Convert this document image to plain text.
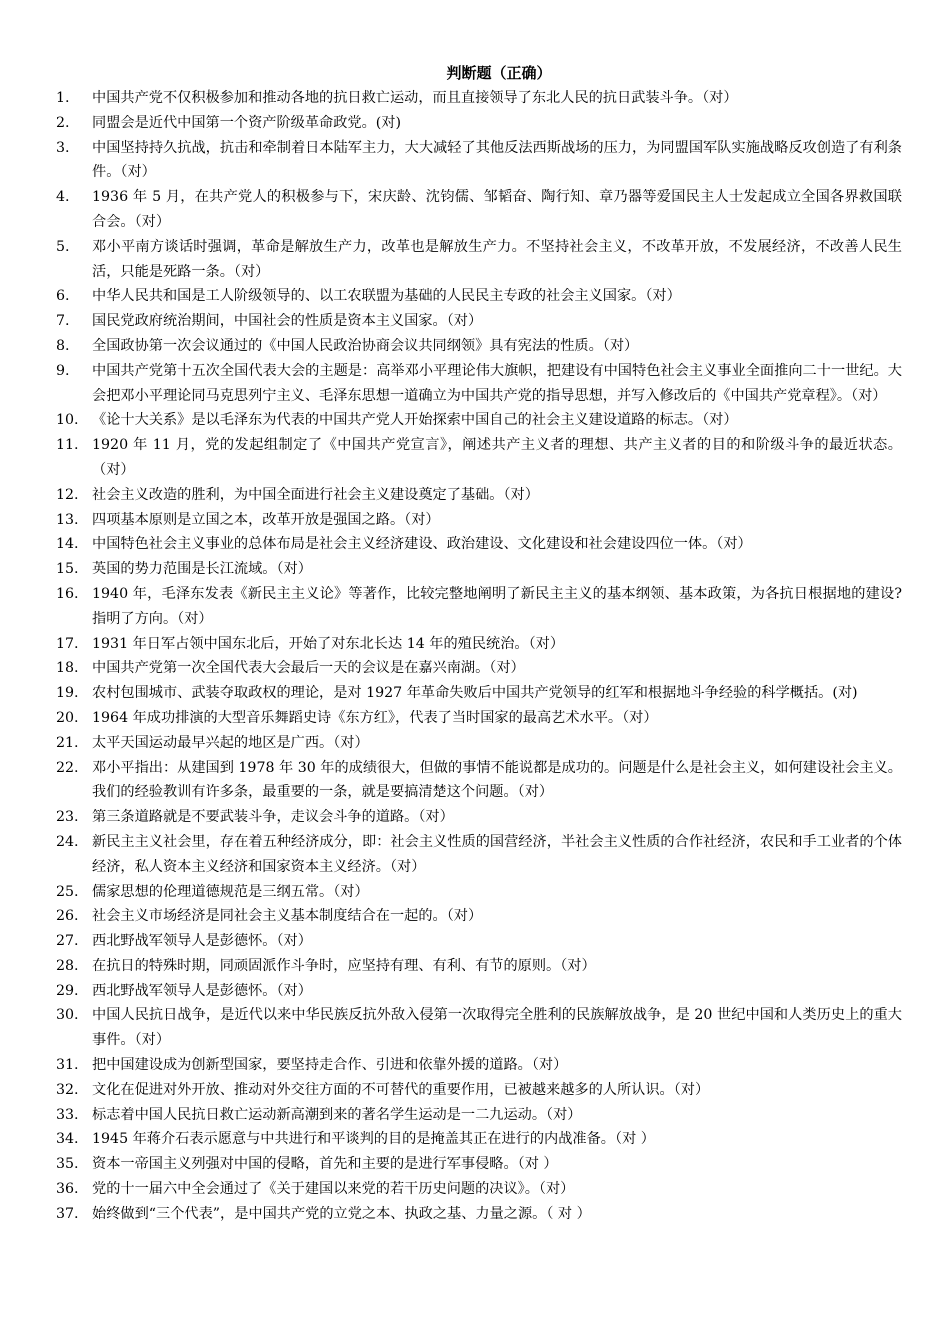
判断题（正确）
1.	中国共产党不仅积极参加和推动各地的抗日救亡运动，而且直接领导了东北人民的抗日武装斗争。（对）
2.	同盟会是近代中国第一个资产阶级革命政党。(对)
3.	中国坚持持久抗战，抗击和牵制着日本陆军主力，大大减轻了其他反法西斯战场的压力，为同盟国军队实施战略反攻创造了有利条件。（对）
4.	1936 年 5 月，在共产党人的积极参与下，宋庆龄、沈钧儒、邹韬奋、陶行知、章乃器等爱国民主人士发起成立全国各界救国联合会。（对）
5.	邓小平南方谈话时强调，革命是解放生产力，改革也是解放生产力。不坚持社会主义，不改革开放，不发展经济，不改善人民生活，只能是死路一条。（对）
6.	中华人民共和国是工人阶级领导的、以工农联盟为基础的人民民主专政的社会主义国家。（对）
7.	国民党政府统治期间，中国社会的性质是资本主义国家。（对）
8.	全国政协第一次会议通过的《中国人民政治协商会议共同纲领》具有宪法的性质。（对）
9.	中国共产党第十五次全国代表大会的主题是：高举邓小平理论伟大旗帜，把建设有中国特色社会主义事业全面推向二十一世纪。大会把邓小平理论同马克思列宁主义、毛泽东思想一道确立为中国共产党的指导思想，并写入修改后的《中国共产党章程》。（对）
10. 《论十大关系》是以毛泽东为代表的中国共产党人开始探索中国自己的社会主义建设道路的标志。（对）
11. 1920 年 11 月，党的发起组制定了《中国共产党宣言》，阐述共产主义者的理想、共产主义者的目的和阶级斗争的最近状态。（对）
12. 社会主义改造的胜利，为中国全面进行社会主义建设奠定了基础。（对）
13. 四项基本原则是立国之本，改革开放是强国之路。（对）
14. 中国特色社会主义事业的总体布局是社会主义经济建设、政治建设、文化建设和社会建设四位一体。（对）
15. 英国的势力范围是长江流域。（对）
16. 1940 年，毛泽东发表《新民主主义论》等著作，比较完整地阐明了新民主主义的基本纲领、基本政策，为各抗日根据地的建设?指明了方向。（对）
17. 1931 年日军占领中国东北后，开始了对东北长达 14 年的殖民统治。（对）
18. 中国共产党第一次全国代表大会最后一天的会议是在嘉兴南湖。（对）
19. 农村包围城市、武装夺取政权的理论，是对 1927 年革命失败后中国共产党领导的红军和根据地斗争经验的科学概括。(对)
20. 1964 年成功排演的大型音乐舞蹈史诗《东方红》，代表了当时国家的最高艺术水平。（对）
21. 太平天国运动最早兴起的地区是广西。（对）
22. 邓小平指出：从建国到 1978 年 30 年的成绩很大，但做的事情不能说都是成功的。问题是什么是社会主义，如何建设社会主义。我们的经验教训有许多条，最重要的一条，就是要搞清楚这个问题。（对）
23. 第三条道路就是不要武装斗争，走议会斗争的道路。（对）
24. 新民主主义社会里，存在着五种经济成分，即：社会主义性质的国营经济，半社会主义性质的合作社经济，农民和手工业者的个体经济，私人资本主义经济和国家资本主义经济。（对）
25. 儒家思想的伦理道德规范是三纲五常。（对）
26. 社会主义市场经济是同社会主义基本制度结合在一起的。（对）
27. 西北野战军领导人是彭德怀。（对）
28. 在抗日的特殊时期，同顽固派作斗争时，应坚持有理、有利、有节的原则。（对）
29. 西北野战军领导人是彭德怀。（对）
30. 中国人民抗日战争，是近代以来中华民族反抗外敌入侵第一次取得完全胜利的民族解放战争，是 20 世纪中国和人类历史上的重大事件。（对）
31. 把中国建设成为创新型国家，要坚持走合作、引进和依靠外援的道路。（对）
32. 文化在促进对外开放、推动对外交往方面的不可替代的重要作用，已被越来越多的人所认识。（对）
33. 标志着中国人民抗日救亡运动新高潮到来的著名学生运动是一二九运动。（对）
34. 1945 年蒋介石表示愿意与中共进行和平谈判的目的是掩盖其正在进行的内战准备。（对 ）
35. 资本一帝国主义列强对中国的侵略，首先和主要的是进行军事侵略。（对 ）
36. 党的十一届六中全会通过了《关于建国以来党的若干历史问题的决议》。（对）
37. 始终做到“三个代表”，是中国共产党的立党之本、执政之基、力量之源。（ 对 ）
